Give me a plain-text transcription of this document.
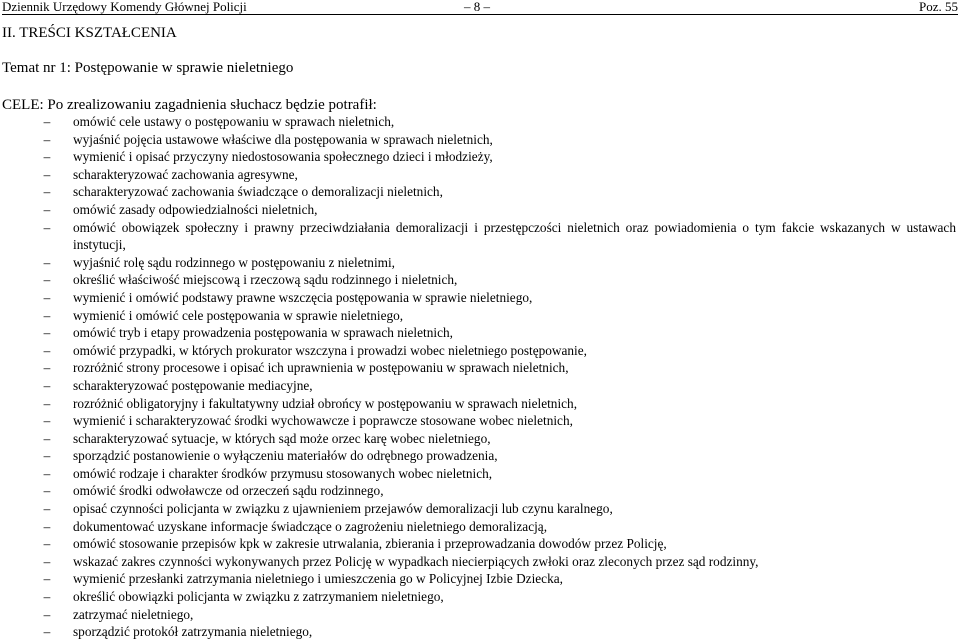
Dziennik Urzędowy Komendy Głównej Policji	– 8 –	Poz. 55
II. TREŚCI KSZTAŁCENIA
Temat nr 1: Postępowanie w sprawie nieletniego
CELE: Po zrealizowaniu zagadnienia słuchacz będzie potrafił:
–	omówić cele ustawy o postępowaniu w sprawach nieletnich,
–	wyjaśnić pojęcia ustawowe właściwe dla postępowania w sprawach nieletnich,
–	wymienić i opisać przyczyny niedostosowania społecznego dzieci i młodzieży,
–	scharakteryzować zachowania agresywne,
–	scharakteryzować zachowania świadczące o demoralizacji nieletnich,
–	omówić zasady odpowiedzialności nieletnich,
–	omówić obowiązek społeczny i prawny przeciwdziałania demoralizacji i przestępczości nieletnich oraz powiadomienia o tym fakcie wskazanych w ustawach instytucji,
–	wyjaśnić rolę sądu rodzinnego w postępowaniu z nieletnimi,
–	określić właściwość miejscową i rzeczową sądu rodzinnego i nieletnich,
–	wymienić i omówić podstawy prawne wszczęcia postępowania w sprawie nieletniego,
–	wymienić i omówić cele postępowania w sprawie nieletniego,
–	omówić tryb i etapy prowadzenia postępowania w sprawach nieletnich,
–	omówić przypadki, w których prokurator wszczyna i prowadzi wobec nieletniego postępowanie,
–	rozróżnić strony procesowe i opisać ich uprawnienia w postępowaniu w sprawach nieletnich,
–	scharakteryzować postępowanie mediacyjne,
–	rozróżnić obligatoryjny i fakultatywny udział obrońcy w postępowaniu w sprawach nieletnich,
–	wymienić i scharakteryzować środki wychowawcze i poprawcze stosowane wobec nieletnich,
–	scharakteryzować sytuacje, w których sąd może orzec karę wobec nieletniego,
–	sporządzić postanowienie o wyłączeniu materiałów do odrębnego prowadzenia,
–	omówić rodzaje i charakter środków przymusu stosowanych wobec nieletnich,
–	omówić środki odwoławcze od orzeczeń sądu rodzinnego,
–	opisać czynności policjanta w związku z ujawnieniem przejawów demoralizacji lub czynu karalnego,
–	dokumentować uzyskane informacje świadczące o zagrożeniu nieletniego demoralizacją,
–	omówić stosowanie przepisów kpk w zakresie utrwalania, zbierania i przeprowadzania dowodów przez Policję,
–	wskazać zakres czynności wykonywanych przez Policję w wypadkach niecierpiących zwłoki oraz zleconych przez sąd rodzinny,
–	wymienić przesłanki zatrzymania nieletniego i umieszczenia go w Policyjnej Izbie Dziecka,
–	określić obowiązki policjanta w związku z zatrzymaniem nieletniego,
–	zatrzymać nieletniego,
–	sporządzić protokół zatrzymania nieletniego,
